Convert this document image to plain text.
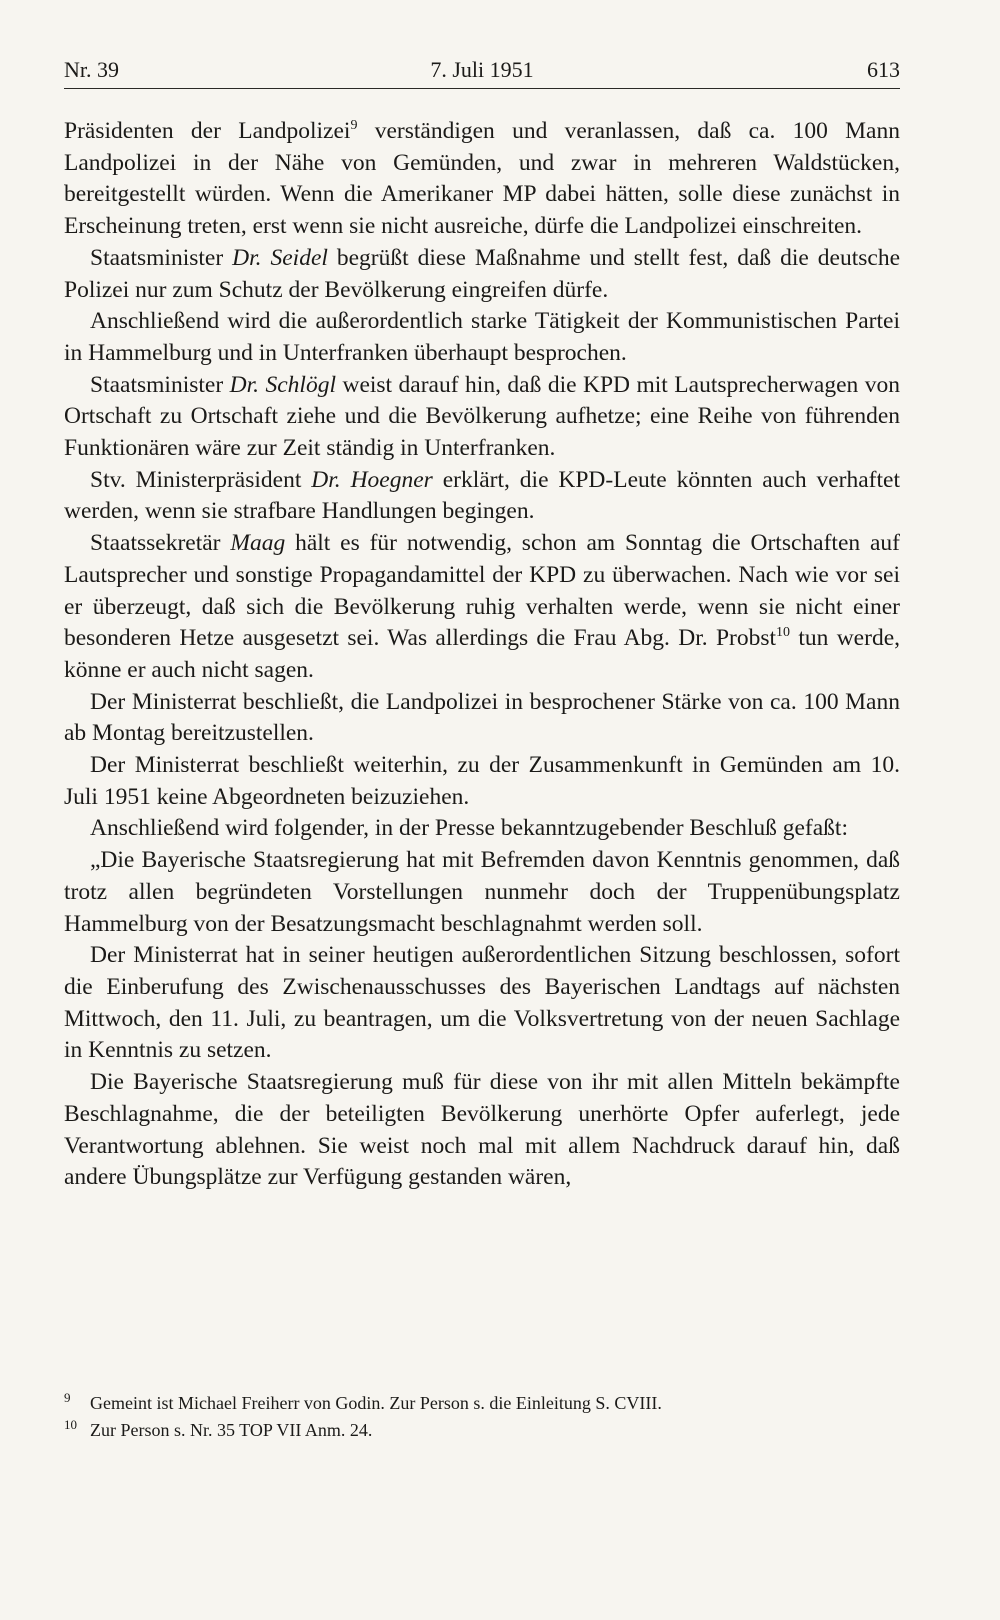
Nr. 39	7. Juli 1951	613

Präsidenten der Landpolizei$^9$ verständigen und veranlassen, daß ca. 100 Mann Landpolizei in der Nähe von Gemünden, und zwar in mehreren Waldstücken, bereitgestellt würden. Wenn die Amerikaner MP dabei hätten, solle diese zunächst in Erscheinung treten, erst wenn sie nicht ausreiche, dürfe die Landpolizei einschreiten.

Staatsminister Dr. Seidel begrüßt diese Maßnahme und stellt fest, daß die deutsche Polizei nur zum Schutz der Bevölkerung eingreifen dürfe.

Anschließend wird die außerordentlich starke Tätigkeit der Kommunistischen Partei in Hammelburg und in Unterfranken überhaupt besprochen.

Staatsminister Dr. Schlögl weist darauf hin, daß die KPD mit Lautsprecherwagen von Ortschaft zu Ortschaft ziehe und die Bevölkerung aufhetze; eine Reihe von führenden Funktionären wäre zur Zeit ständig in Unterfranken.

Stv. Ministerpräsident Dr. Hoegner erklärt, die KPD-Leute könnten auch verhaftet werden, wenn sie strafbare Handlungen begingen.

Staatssekretär Maag hält es für notwendig, schon am Sonntag die Ortschaften auf Lautsprecher und sonstige Propagandamittel der KPD zu überwachen. Nach wie vor sei er überzeugt, daß sich die Bevölkerung ruhig verhalten werde, wenn sie nicht einer besonderen Hetze ausgesetzt sei. Was allerdings die Frau Abg. Dr. Probst$^{10}$ tun werde, könne er auch nicht sagen.

Der Ministerrat beschließt, die Landpolizei in besprochener Stärke von ca. 100 Mann ab Montag bereitzustellen.

Der Ministerrat beschließt weiterhin, zu der Zusammenkunft in Gemünden am 10. Juli 1951 keine Abgeordneten beizuziehen.

Anschließend wird folgender, in der Presse bekanntzugebender Beschluß gefaßt:

„Die Bayerische Staatsregierung hat mit Befremden davon Kenntnis genommen, daß trotz allen begründeten Vorstellungen nunmehr doch der Truppenübungsplatz Hammelburg von der Besatzungsmacht beschlagnahmt werden soll.

Der Ministerrat hat in seiner heutigen außerordentlichen Sitzung beschlossen, sofort die Einberufung des Zwischenausschusses des Bayerischen Landtags auf nächsten Mittwoch, den 11. Juli, zu beantragen, um die Volksvertretung von der neuen Sachlage in Kenntnis zu setzen.

Die Bayerische Staatsregierung muß für diese von ihr mit allen Mitteln bekämpfte Beschlagnahme, die der beteiligten Bevölkerung unerhörte Opfer auferlegt, jede Verantwortung ablehnen. Sie weist noch mal mit allem Nachdruck darauf hin, daß andere Übungsplätze zur Verfügung gestanden wären,

9 Gemeint ist Michael Freiherr von Godin. Zur Person s. die Einleitung S. CVIII.
10 Zur Person s. Nr. 35 TOP VII Anm. 24.
